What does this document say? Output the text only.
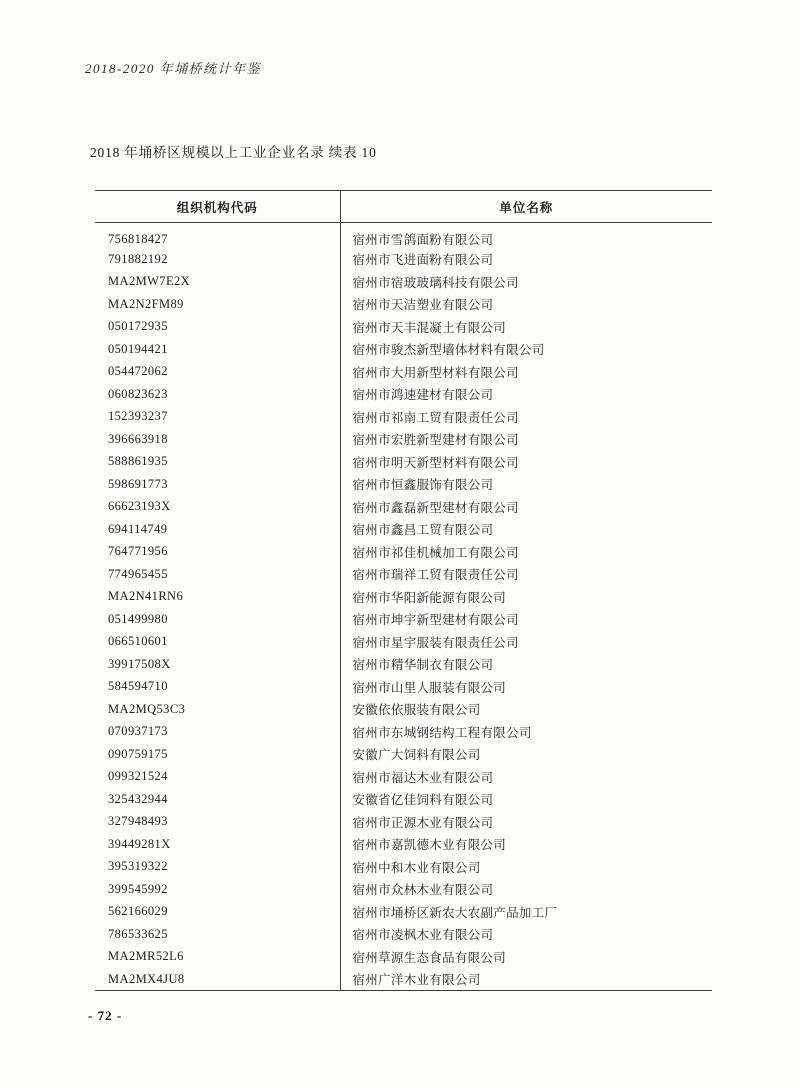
2018-2020 年埇桥统计年鉴
2018 年埇桥区规模以上工业企业名录 续表 10
组织机构代码	单位名称
756818427	宿州市雪鸽面粉有限公司
791882192	宿州市飞进面粉有限公司
MA2MW7E2X	宿州市宿玻玻璃科技有限公司
MA2N2FM89	宿州市天洁塑业有限公司
050172935	宿州市天丰混凝土有限公司
050194421	宿州市骏杰新型墙体材料有限公司
054472062	宿州市大用新型材料有限公司
060823623	宿州市鸿速建材有限公司
152393237	宿州市祁南工贸有限责任公司
396663918	宿州市宏胜新型建材有限公司
588861935	宿州市明天新型材料有限公司
598691773	宿州市恒鑫服饰有限公司
66623193X	宿州市鑫磊新型建材有限公司
694114749	宿州市鑫昌工贸有限公司
764771956	宿州市祁佳机械加工有限公司
774965455	宿州市瑞祥工贸有限责任公司
MA2N41RN6	宿州市华阳新能源有限公司
051499980	宿州市坤宇新型建材有限公司
066510601	宿州市星宇服装有限责任公司
39917508X	宿州市精华制衣有限公司
584594710	宿州市山里人服装有限公司
MA2MQ53C3	安徽依依服装有限公司
070937173	宿州市东城钢结构工程有限公司
090759175	安徽广大饲料有限公司
099321524	宿州市福达木业有限公司
325432944	安徽省亿佳饲料有限公司
327948493	宿州市正源木业有限公司
39449281X	宿州市嘉凯德木业有限公司
395319322	宿州中和木业有限公司
399545992	宿州市众林木业有限公司
562166029	宿州市埇桥区新农大农副产品加工厂
786533625	宿州市凌枫木业有限公司
MA2MR52L6	宿州草源生态食品有限公司
MA2MX4JU8	宿州广洋木业有限公司
- 72 -
